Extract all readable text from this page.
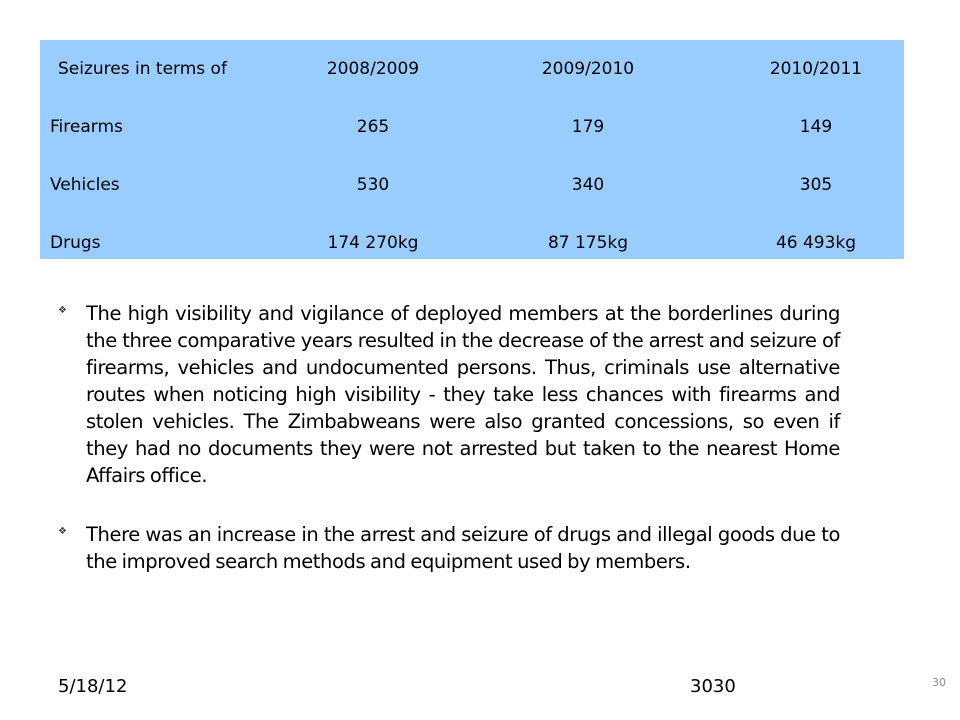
Seizures in terms of	2008/2009	2009/2010	2010/2011
Firearms	265	179	149
Vehicles	530	340	305
Drugs	174 270kg	87 175kg	46 493kg
❖ The high visibility and vigilance of deployed members at the borderlines during the three comparative years resulted in the decrease of the arrest and seizure of firearms, vehicles and undocumented persons. Thus, criminals use alternative routes when noticing high visibility - they take less chances with firearms and stolen vehicles. The Zimbabweans were also granted concessions, so even if they had no documents they were not arrested but taken to the nearest Home Affairs office.
❖ There was an increase in the arrest and seizure of drugs and illegal goods due to the improved search methods and equipment used by members.
5/18/12	3030	30
